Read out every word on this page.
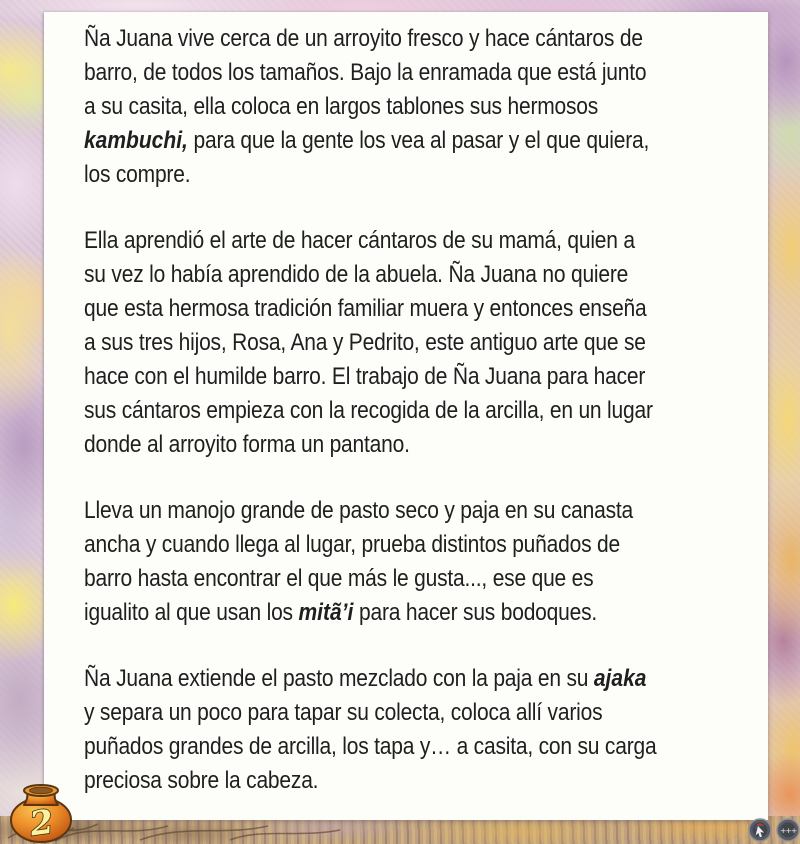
Ña Juana vive cerca de un arroyito fresco y hace cántaros de
barro, de todos los tamaños. Bajo la enramada que está junto
a su casita, ella coloca en largos tablones sus hermosos
kambuchi, para que la gente los vea al pasar y el que quiera,
los compre.
Ella aprendió el arte de hacer cántaros de su mamá, quien a
su vez lo había aprendido de la abuela. Ña Juana no quiere
que esta hermosa tradición familiar muera y entonces enseña
a sus tres hijos, Rosa, Ana y Pedrito, este antiguo arte que se
hace con el humilde barro. El trabajo de Ña Juana para hacer
sus cántaros empieza con la recogida de la arcilla, en un lugar
donde al arroyito forma un pantano.
Lleva un manojo grande de pasto seco y paja en su canasta
ancha y cuando llega al lugar, prueba distintos puñados de
barro hasta encontrar el que más le gusta..., ese que es
igualito al que usan los mitã’i para hacer sus bodoques.
Ña Juana extiende el pasto mezclado con la paja en su ajaka
y separa un poco para tapar su colecta, coloca allí varios
puñados grandes de arcilla, los tapa y… a casita, con su carga
preciosa sobre la cabeza.
2	+++
